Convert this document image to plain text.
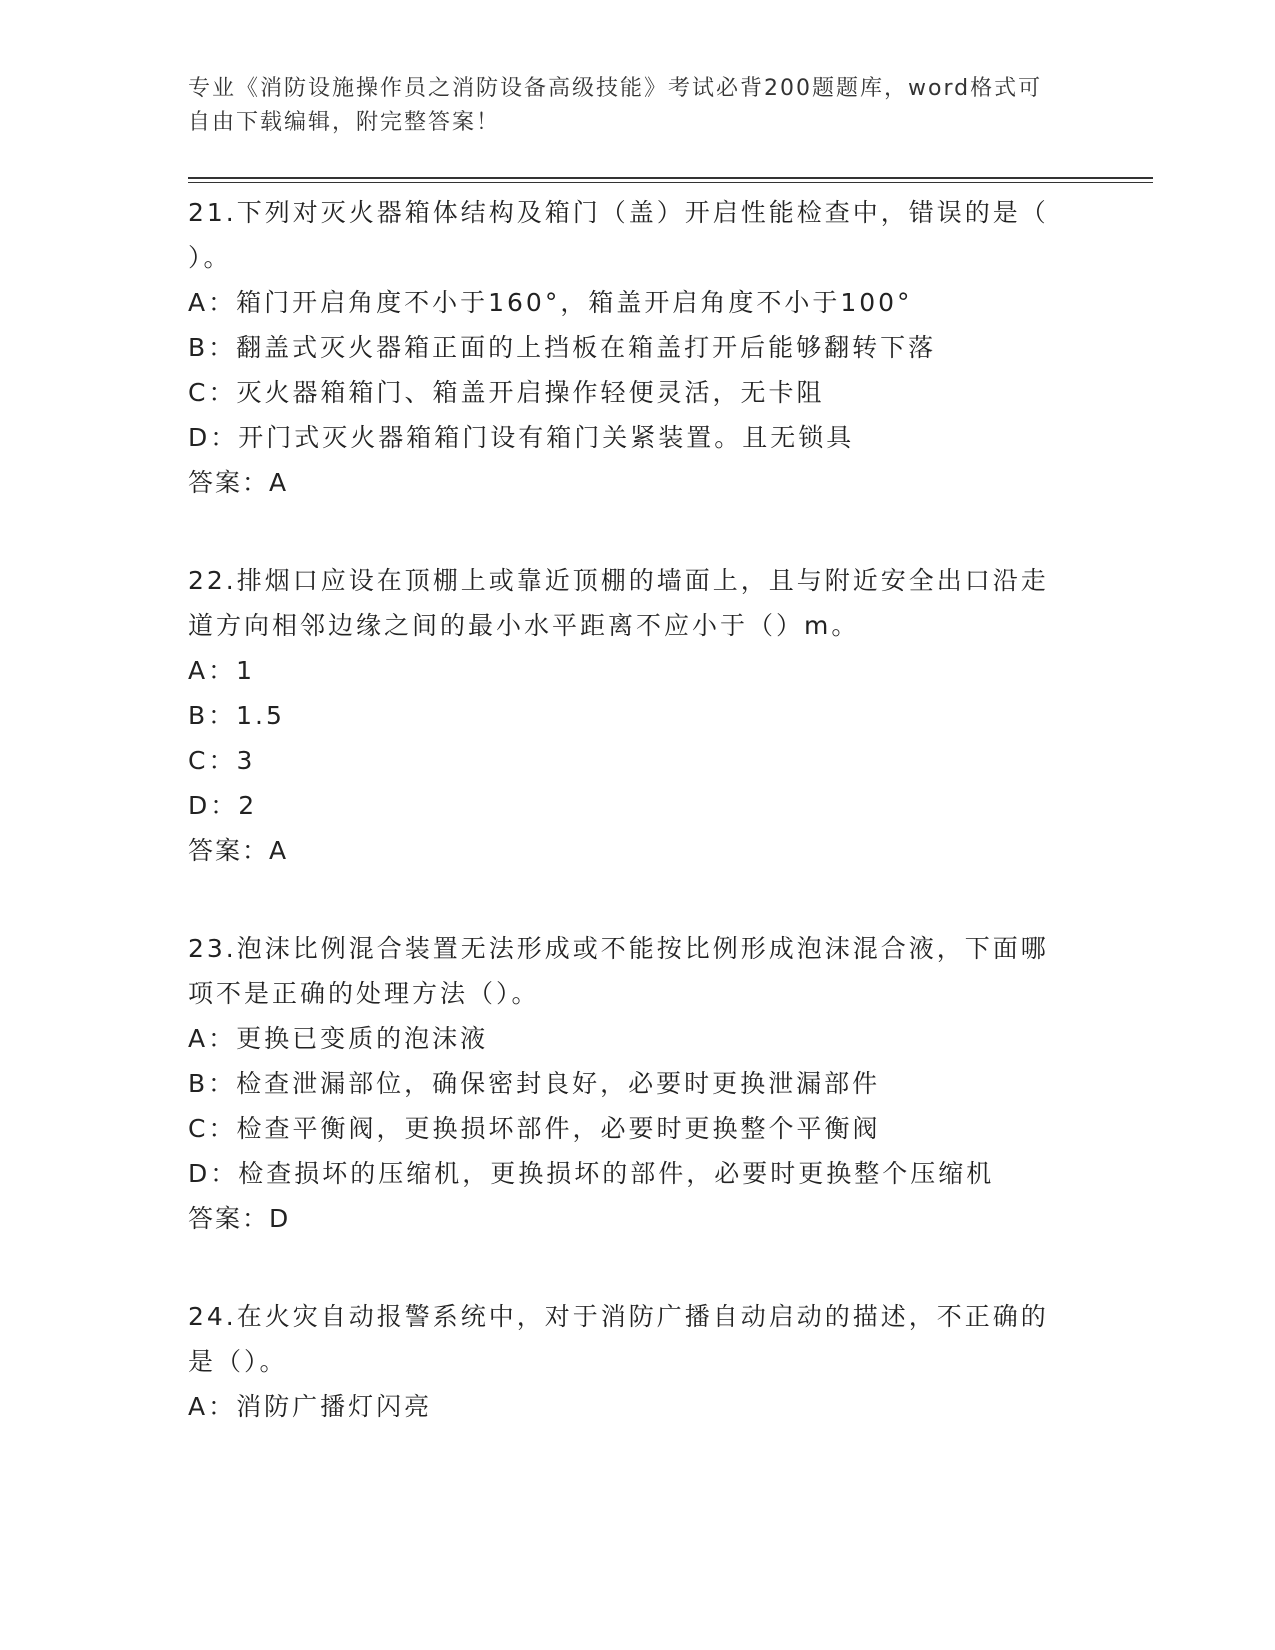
专业《消防设施操作员之消防设备高级技能》考试必背200题题库，word格式可
自由下载编辑，附完整答案！

21.下列对灭火器箱体结构及箱门（盖）开启性能检查中，错误的是（

）。

A：箱门开启角度不小于160°，箱盖开启角度不小于100°

B：翻盖式灭火器箱正面的上挡板在箱盖打开后能够翻转下落

C：灭火器箱箱门、箱盖开启操作轻便灵活，无卡阻

D：开门式灭火器箱箱门设有箱门关紧装置。且无锁具

答案：A

22.排烟口应设在顶棚上或靠近顶棚的墙面上，且与附近安全出口沿走

道方向相邻边缘之间的最小水平距离不应小于（）m。

A：1

B：1.5

C：3

D：2

答案：A

23.泡沫比例混合装置无法形成或不能按比例形成泡沫混合液，下面哪

项不是正确的处理方法（）。

A：更换已变质的泡沫液

B：检查泄漏部位，确保密封良好，必要时更换泄漏部件

C：检查平衡阀，更换损坏部件，必要时更换整个平衡阀

D：检查损坏的压缩机，更换损坏的部件，必要时更换整个压缩机

答案：D

24.在火灾自动报警系统中，对于消防广播自动启动的描述，不正确的

是（）。

A：消防广播灯闪亮
